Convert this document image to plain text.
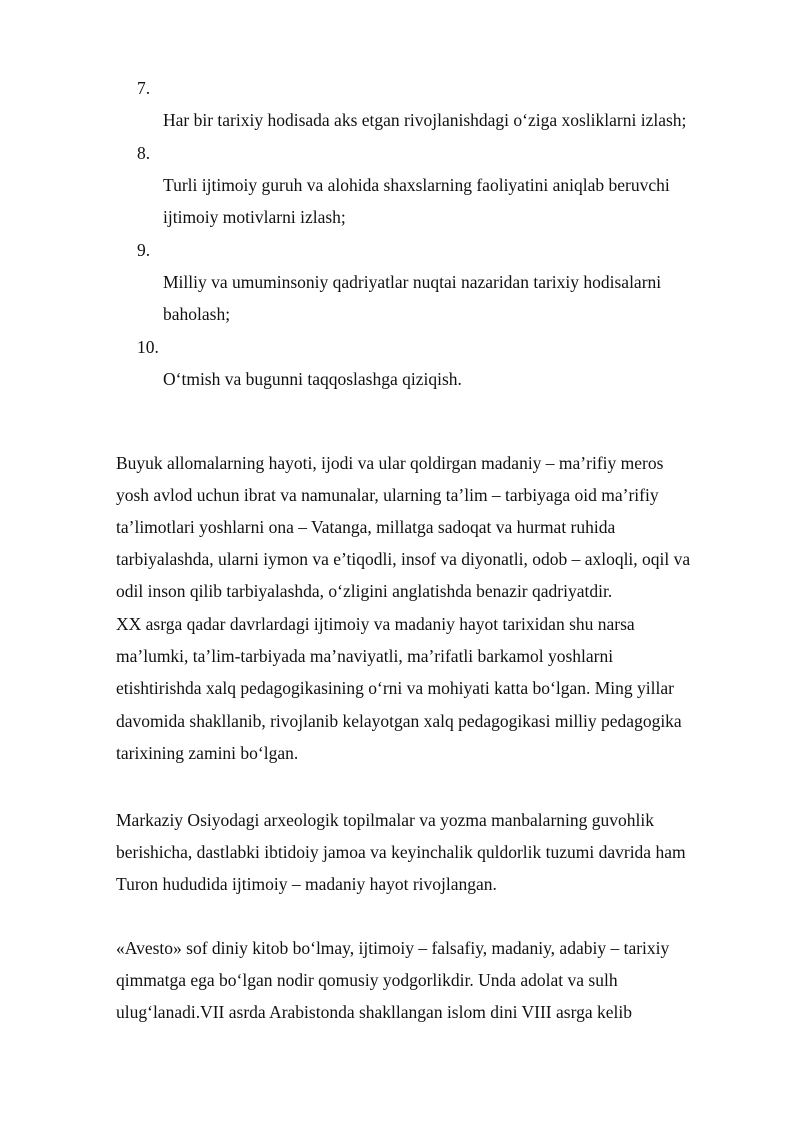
7.
Har bir tarixiy hodisada aks etgan rivojlanishdagi o‘ziga xosliklarni izlash;
8.
Turli ijtimoiy guruh va alohida shaxslarning faoliyatini aniqlab beruvchi
ijtimoiy motivlarni izlash;
9.
Milliy va umuminsoniy qadriyatlar nuqtai nazaridan tarixiy hodisalarni
baholash;
10.
O‘tmish va bugunni taqqoslashga qiziqish.
Buyuk allomalarning hayoti, ijodi va ular qoldirgan madaniy – ma’rifiy meros
yosh avlod uchun ibrat va namunalar, ularning ta’lim – tarbiyaga oid ma’rifiy
ta’limotlari yoshlarni ona – Vatanga, millatga sadoqat va hurmat ruhida
tarbiyalashda, ularni iymon va e’tiqodli, insof va diyonatli, odob – axloqli, oqil va
odil inson qilib tarbiyalashda, o‘zligini anglatishda benazir qadriyatdir.
XX asrga qadar davrlardagi ijtimoiy va madaniy hayot tarixidan shu narsa
ma’lumki, ta’lim-tarbiyada ma’naviyatli, ma’rifatli barkamol yoshlarni
etishtirishda xalq pedagogikasining o‘rni va mohiyati katta bo‘lgan. Ming yillar
davomida shakllanib, rivojlanib kelayotgan xalq pedagogikasi milliy pedagogika
tarixining zamini bo‘lgan.
Markaziy Osiyodagi arxeologik topilmalar va yozma manbalarning guvohlik
berishicha, dastlabki ibtidoiy jamoa va keyinchalik quldorlik tuzumi davrida ham
Turon hududida ijtimoiy – madaniy hayot rivojlangan.
«Avesto» sof diniy kitob bo‘lmay, ijtimoiy – falsafiy, madaniy, adabiy – tarixiy
qimmatga ega bo‘lgan nodir qomusiy yodgorlikdir. Unda adolat va sulh
ulug‘lanadi.VII asrda Arabistonda shakllangan islom dini VIII asrga kelib
